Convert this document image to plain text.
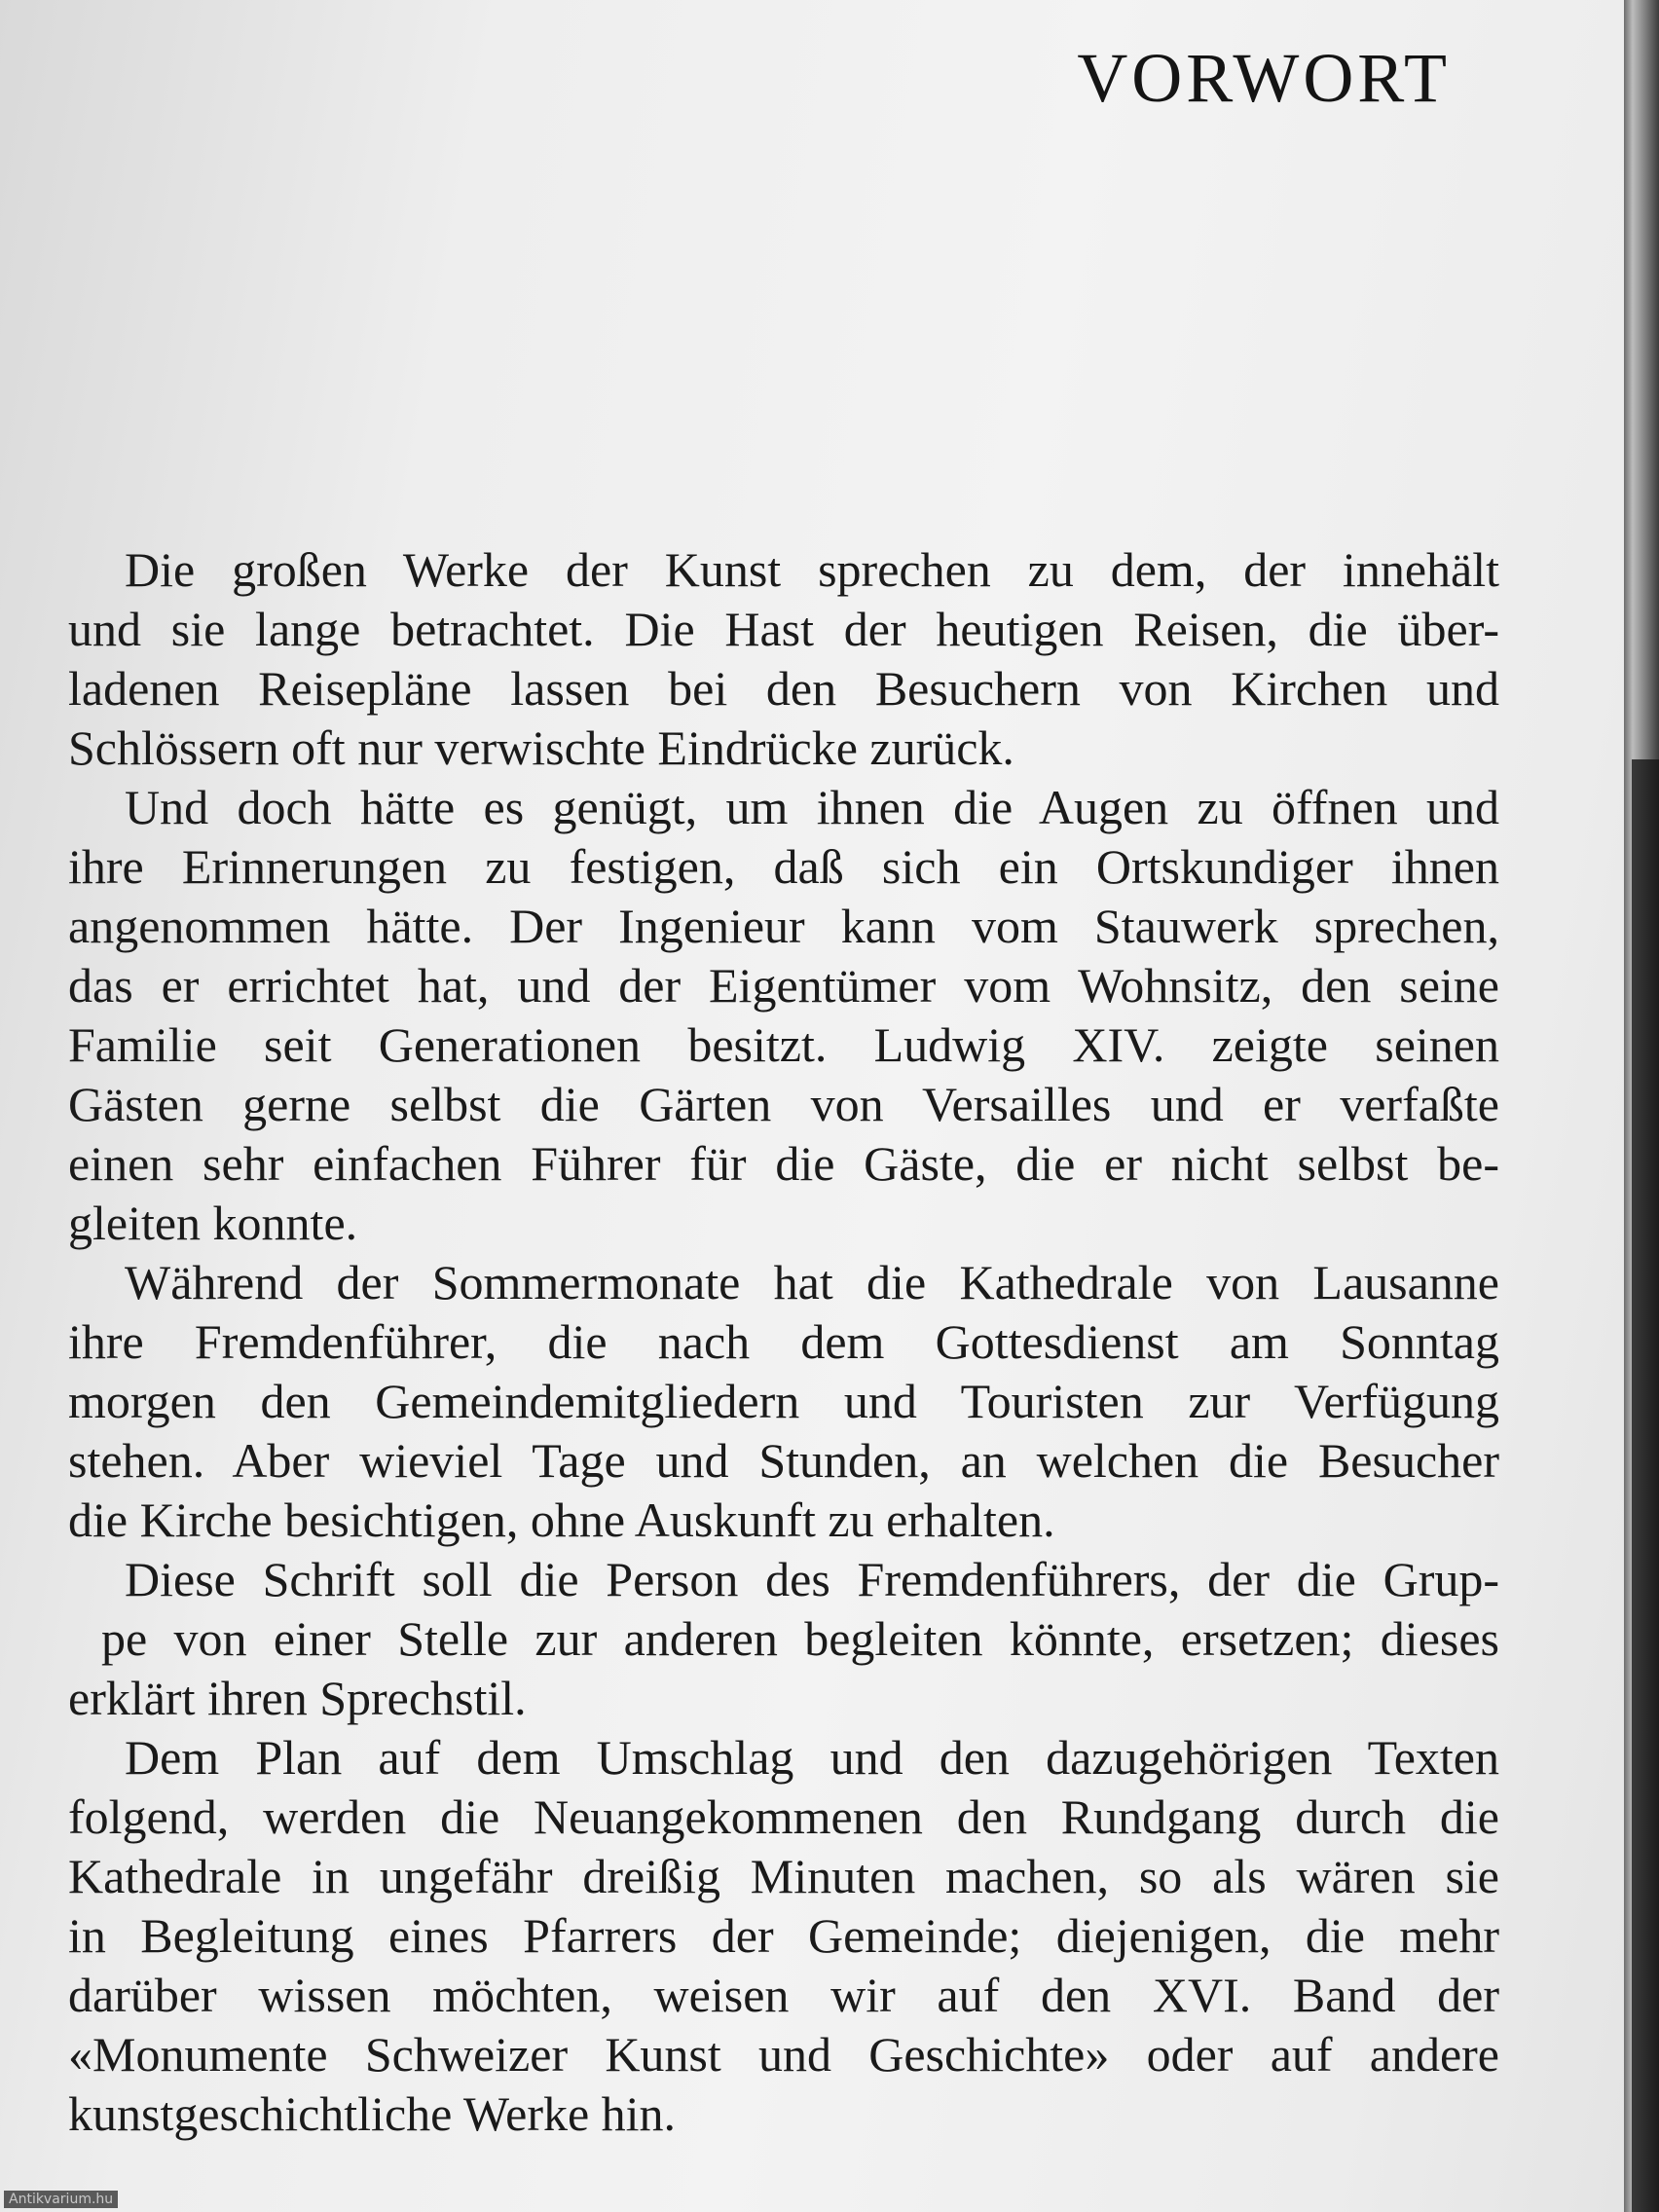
VORWORT

Die großen Werke der Kunst sprechen zu dem, der innehält
und sie lange betrachtet. Die Hast der heutigen Reisen, die über-
ladenen Reisepläne lassen bei den Besuchern von Kirchen und
Schlössern oft nur verwischte Eindrücke zurück.

Und doch hätte es genügt, um ihnen die Augen zu öffnen und
ihre Erinnerungen zu festigen, daß sich ein Ortskundiger ihnen
angenommen hätte. Der Ingenieur kann vom Stauwerk sprechen,
das er errichtet hat, und der Eigentümer vom Wohnsitz, den seine
Familie seit Generationen besitzt. Ludwig XIV. zeigte seinen
Gästen gerne selbst die Gärten von Versailles und er verfaßte
einen sehr einfachen Führer für die Gäste, die er nicht selbst be-
gleiten konnte.

Während der Sommermonate hat die Kathedrale von Lausanne
ihre Fremdenführer, die nach dem Gottesdienst am Sonntag
morgen den Gemeindemitgliedern und Touristen zur Verfügung
stehen. Aber wieviel Tage und Stunden, an welchen die Besucher
die Kirche besichtigen, ohne Auskunft zu erhalten.

Diese Schrift soll die Person des Fremdenführers, der die Grup-
pe von einer Stelle zur anderen begleiten könnte, ersetzen; dieses
erklärt ihren Sprechstil.

Dem Plan auf dem Umschlag und den dazugehörigen Texten
folgend, werden die Neuangekommenen den Rundgang durch die
Kathedrale in ungefähr dreißig Minuten machen, so als wären sie
in Begleitung eines Pfarrers der Gemeinde; diejenigen, die mehr
darüber wissen möchten, weisen wir auf den XVI. Band der
«Monumente Schweizer Kunst und Geschichte» oder auf andere
kunstgeschichtliche Werke hin.

Antikvarium.hu
